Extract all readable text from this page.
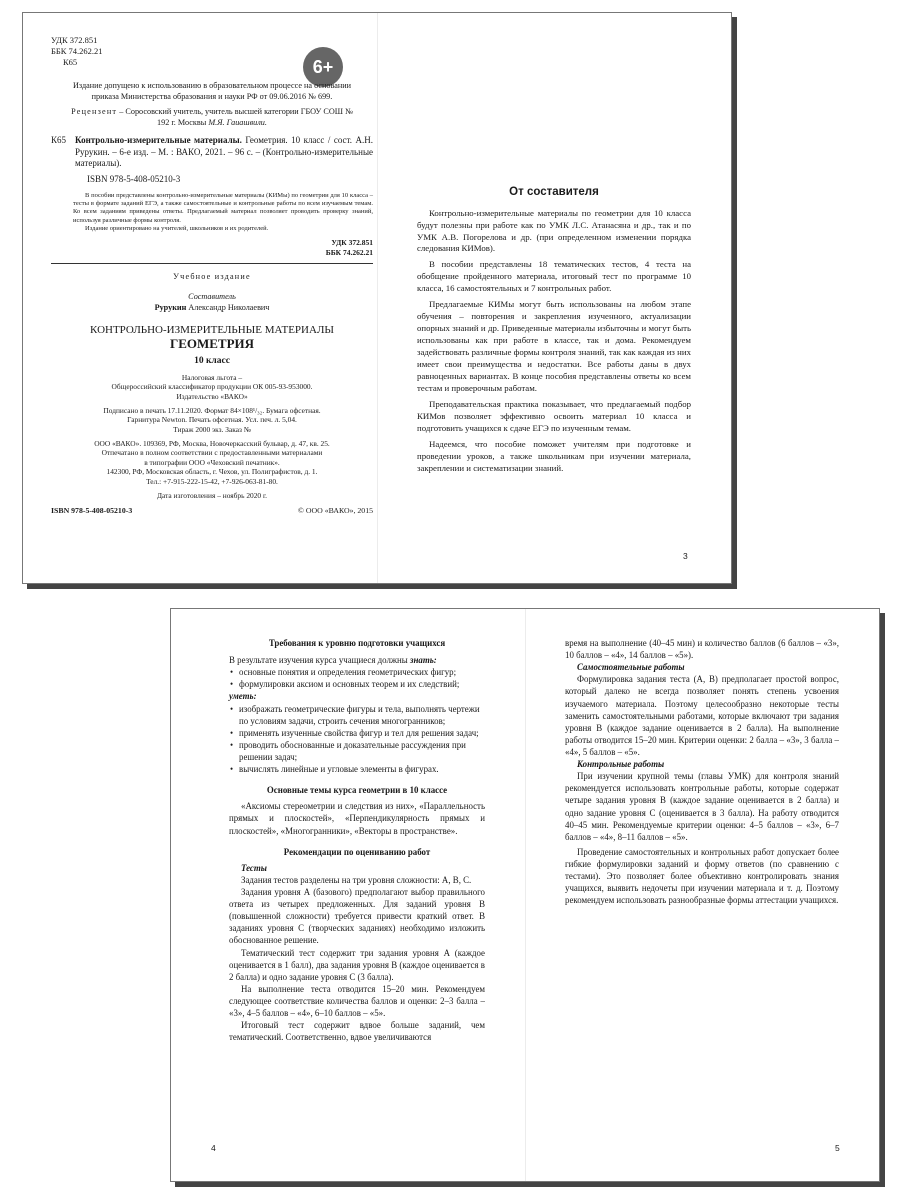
УДК 372.851
ББК 74.262.21
К65	6+

Издание допущено к использованию в образовательном процессе на основании приказа Министерства образования и науки РФ от 09.06.2016 № 699.

Рецензент – Соросовский учитель, учитель высшей категории ГБОУ СОШ № 192 г. Москвы М.Я. Гаиашвили.

К65 Контрольно-измерительные материалы. Геометрия. 10 класс / сост. А.Н. Рурукин. – 6-е изд. – М. : ВАКО, 2021. – 96 с. – (Контрольно-измерительные материалы).

ISBN 978-5-408-05210-3

В пособии представлены контрольно-измерительные материалы (КИМы) по геометрии для 10 класса – тесты в формате заданий ЕГЭ, а также самостоятельные и контрольные работы по всем изучаемым темам. Ко всем заданиям приведены ответы. Предлагаемый материал позволяет проводить проверку знаний, используя различные формы контроля.

Издание ориентировано на учителей, школьников и их родителей.

УДК 372.851
ББК 74.262.21

Учебное издание

Составитель

Рурукин Александр Николаевич

КОНТРОЛЬНО-ИЗМЕРИТЕЛЬНЫЕ МАТЕРИАЛЫ

ГЕОМЕТРИЯ

10 класс

Налоговая льгота –

Общероссийский классификатор продукции ОК 005-93-953000.

Издательство «ВАКО»

Подписано в печать 17.11.2020. Формат 84×108¹/₃₂. Бумага офсетная.

Гарнитура Newton. Печать офсетная. Усл. печ. л. 5,04.

Тираж 2000 экз. Заказ №

ООО «ВАКО». 109369, РФ, Москва, Новочеркасский бульвар, д. 47, кв. 25.

Отпечатано в полном соответствии с предоставленными материалами

в типографии ООО «Чеховский печатник».

142300, РФ, Московская область, г. Чехов, ул. Полиграфистов, д. 1.

Тел.: +7-915-222-15-42, +7-926-063-81-80.

Дата изготовления – ноябрь 2020 г.

ISBN 978-5-408-05210-3	© ООО «ВАКО», 2015
От составителя

Контрольно-измерительные материалы по геометрии для 10 класса будут полезны при работе как по УМК Л.С. Атанасяна и др., так и по УМК А.В. Погорелова и др. (при определенном изменении порядка следования КИМов).

В пособии представлены 18 тематических тестов, 4 теста на обобщение пройденного материала, итоговый тест по программе 10 класса, 16 самостоятельных и 7 контрольных работ.

Предлагаемые КИМы могут быть использованы на любом этапе обучения – повторения и закрепления изученного, актуализации опорных знаний и др. Приведенные материалы избыточны и могут быть использованы как при работе в классе, так и дома. Рекомендуем задействовать различные формы контроля знаний, так как каждая из них имеет свои преимущества и недостатки. Все работы даны в двух равноценных вариантах. В конце пособия представлены ответы ко всем тестам и проверочным работам.

Преподавательская практика показывает, что предлагаемый подбор КИМов позволяет эффективно освоить материал 10 класса и подготовить учащихся к сдаче ЕГЭ по изученным темам.

Надеемся, что пособие поможет учителям при подготовке и проведении уроков, а также школьникам при изучении материала, закреплении и систематизации знаний.

3

Требования к уровню подготовки учащихся

В результате изучения курса учащиеся должны знать:

• основные понятия и определения геометрических фигур;
• формулировки аксиом и основных теорем и их следствий;

уметь:

• изображать геометрические фигуры и тела, выполнять чертежи по условиям задачи, строить сечения многогранников;
• применять изученные свойства фигур и тел для решения задач;
• проводить обоснованные и доказательные рассуждения при решении задач;
• вычислять линейные и угловые элементы в фигурах.

Основные темы курса геометрии в 10 классе

«Аксиомы стереометрии и следствия из них», «Параллельность прямых и плоскостей», «Перпендикулярность прямых и плоскостей», «Многогранники», «Векторы в пространстве».

Рекомендации по оцениванию работ

Тесты

Задания тестов разделены на три уровня сложности: А, В, С.

Задания уровня А (базового) предполагают выбор правильного ответа из четырех предложенных. Для заданий уровня В (повышенной сложности) требуется привести краткий ответ. В заданиях уровня С (творческих заданиях) необходимо изложить обоснованное решение.

Тематический тест содержит три задания уровня А (каждое оценивается в 1 балл), два задания уровня В (каждое оценивается в 2 балла) и одно задание уровня С (3 балла).

На выполнение теста отводится 15–20 мин. Рекомендуем следующее соответствие количества баллов и оценки: 2–3 балла – «3», 4–5 баллов – «4», 6–10 баллов – «5».

Итоговый тест содержит вдвое больше заданий, чем тематический. Соответственно, вдвое увеличиваются

4

время на выполнение (40–45 мин) и количество баллов (6 баллов – «3», 10 баллов – «4», 14 баллов – «5»).

Самостоятельные работы

Формулировка задания теста (А, В) предполагает простой вопрос, который далеко не всегда позволяет понять степень усвоения изучаемого материала. Поэтому целесообразно некоторые тесты заменить самостоятельными работами, которые включают три задания уровня В (каждое задание оценивается в 2 балла). На выполнение работы отводится 15–20 мин. Критерии оценки: 2 балла – «3», 3 балла – «4», 5 баллов – «5».

Контрольные работы

При изучении крупной темы (главы УМК) для контроля знаний рекомендуется использовать контрольные работы, которые содержат четыре задания уровня В (каждое задание оценивается в 2 балла) и одно задание уровня С (оценивается в 3 балла). На работу отводится 40–45 мин. Рекомендуемые критерии оценки: 4–5 баллов – «3», 6–7 баллов – «4», 8–11 баллов – «5».

Проведение самостоятельных и контрольных работ допускает более гибкие формулировки заданий и форму ответов (по сравнению с тестами). Это позволяет более объективно контролировать знания учащихся, выявить недочеты при изучении материала и т. д. Поэтому рекомендуем использовать разнообразные формы аттестации учащихся.

5
